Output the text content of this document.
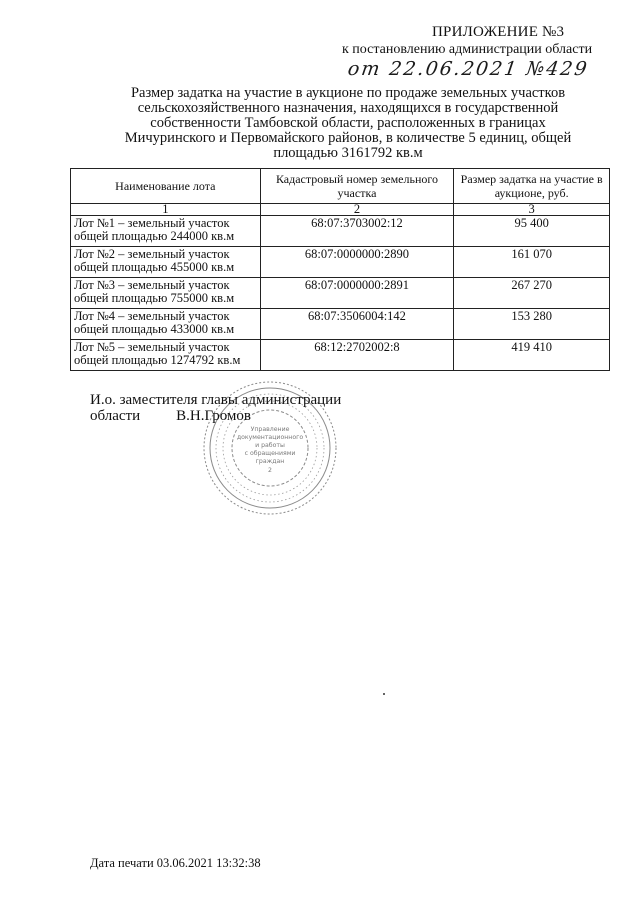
ПРИЛОЖЕНИЕ №3
к постановлению администрации области
от 22.06.2021 №429
Размер задатка на участие в аукционе по продаже земельных участков
сельскохозяйственного назначения, находящихся в государственной
собственности Тамбовской области, расположенных в границах
Мичуринского и Первомайского районов, в количестве 5 единиц, общей
площадью 3161792 кв.м
Наименование лота	Кадастровый номер земельного участка	Размер задатка на участие в аукционе, руб.
1	2	3
Лот №1 – земельный участок
общей площадью 244000 кв.м	68:07:3703002:12	95 400
Лот №2 – земельный участок
общей площадью 455000 кв.м	68:07:0000000:2890	161 070
Лот №3 – земельный участок
общей площадью 755000 кв.м	68:07:0000000:2891	267 270
Лот №4 – земельный участок
общей площадью 433000 кв.м	68:07:3506004:142	153 280
Лот №5 – земельный участок
общей площадью 1274792 кв.м	68:12:2702002:8	419 410
Управление
документационного
и работы
с обращениями
граждан
2
И.о. заместителя главы администрации
области В.Н.Громов
Дата печати 03.06.2021 13:32:38
